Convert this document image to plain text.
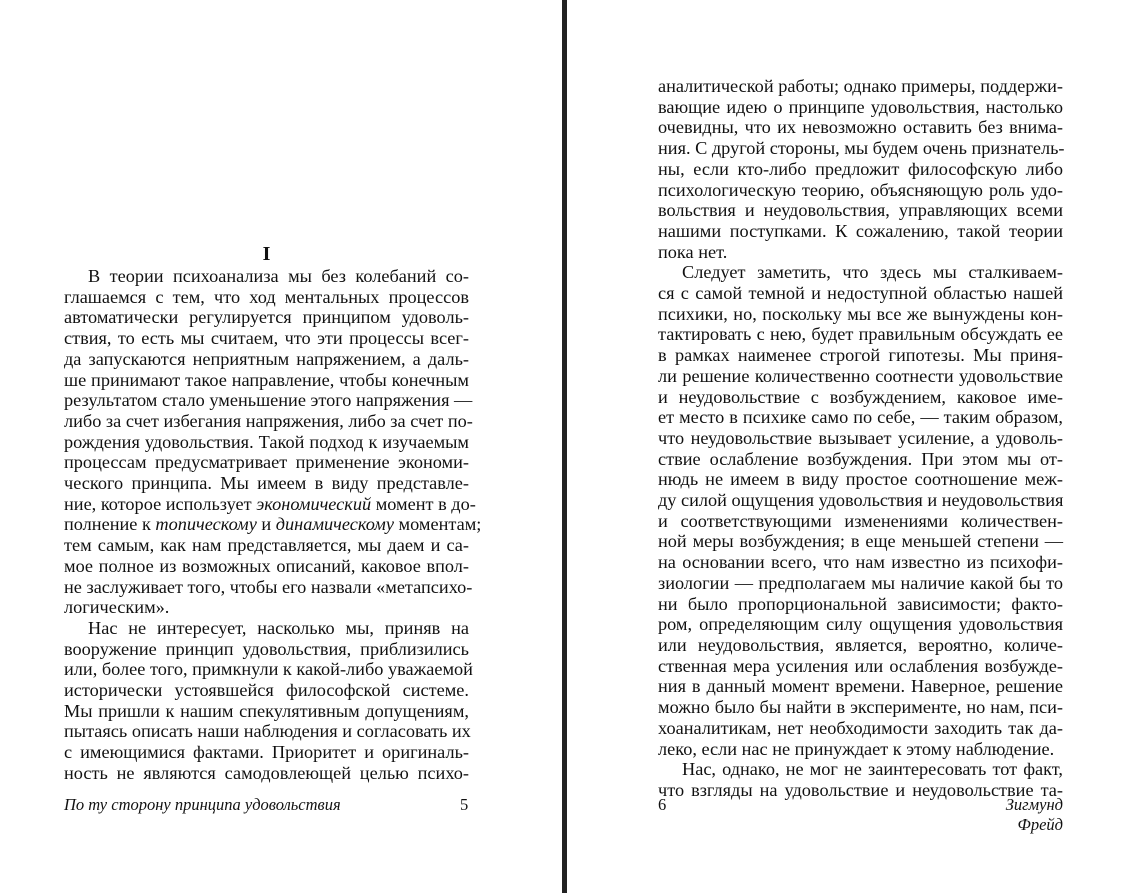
I

В теории психоанализа мы без колебаний со-
глашаемся с тем, что ход ментальных процессов
автоматически регулируется принципом удоволь-
ствия, то есть мы считаем, что эти процессы всег-
да запускаются неприятным напряжением, а даль-
ше принимают такое направление, чтобы конечным
результатом стало уменьшение этого напряжения —
либо за счет избегания напряжения, либо за счет по-
рождения удовольствия. Такой подход к изучаемым
процессам предусматривает применение экономи-
ческого принципа. Мы имеем в виду представле-
ние, которое использует экономический момент в до-
полнение к топическому и динамическому моментам;
тем самым, как нам представляется, мы даем и са-
мое полное из возможных описаний, каковое впол-
не заслуживает того, чтобы его назвали «метапсихо-
логическим».

Нас не интересует, насколько мы, приняв на
вооружение принцип удовольствия, приблизились
или, более того, примкнули к какой-либо уважаемой
исторически устоявшейся философской системе.
Мы пришли к нашим спекулятивным допущениям,
пытаясь описать наши наблюдения и согласовать их
с имеющимися фактами. Приоритет и оригиналь-
ность не являются самодовлеющей целью психо-

По ту сторону принципа удовольствия	5

аналитической работы; однако примеры, поддержи-
вающие идею о принципе удовольствия, настолько
очевидны, что их невозможно оставить без внима-
ния. С другой стороны, мы будем очень признатель-
ны, если кто-либо предложит философскую либо
психологическую теорию, объясняющую роль удо-
вольствия и неудовольствия, управляющих всеми
нашими поступками. К сожалению, такой теории
пока нет.

Следует заметить, что здесь мы сталкиваем-
ся с самой темной и недоступной областью нашей
психики, но, поскольку мы все же вынуждены кон-
тактировать с нею, будет правильным обсуждать ее
в рамках наименее строгой гипотезы. Мы приня-
ли решение количественно соотнести удовольствие
и неудовольствие с возбуждением, каковое име-
ет место в психике само по себе, — таким образом,
что неудовольствие вызывает усиление, а удоволь-
ствие ослабление возбуждения. При этом мы от-
нюдь не имеем в виду простое соотношение меж-
ду силой ощущения удовольствия и неудовольствия
и соответствующими изменениями количествен-
ной меры возбуждения; в еще меньшей степени —
на основании всего, что нам известно из психофи-
зиологии — предполагаем мы наличие какой бы то
ни было пропорциональной зависимости; факто-
ром, определяющим силу ощущения удовольствия
или неудовольствия, является, вероятно, количе-
ственная мера усиления или ослабления возбужде-
ния в данный момент времени. Наверное, решение
можно было бы найти в эксперименте, но нам, пси-
хоаналитикам, нет необходимости заходить так да-
леко, если нас не принуждает к этому наблюдение.

Нас, однако, не мог не заинтересовать тот факт,
что взгляды на удовольствие и неудовольствие та-

6	Зигмунд Фрейд
